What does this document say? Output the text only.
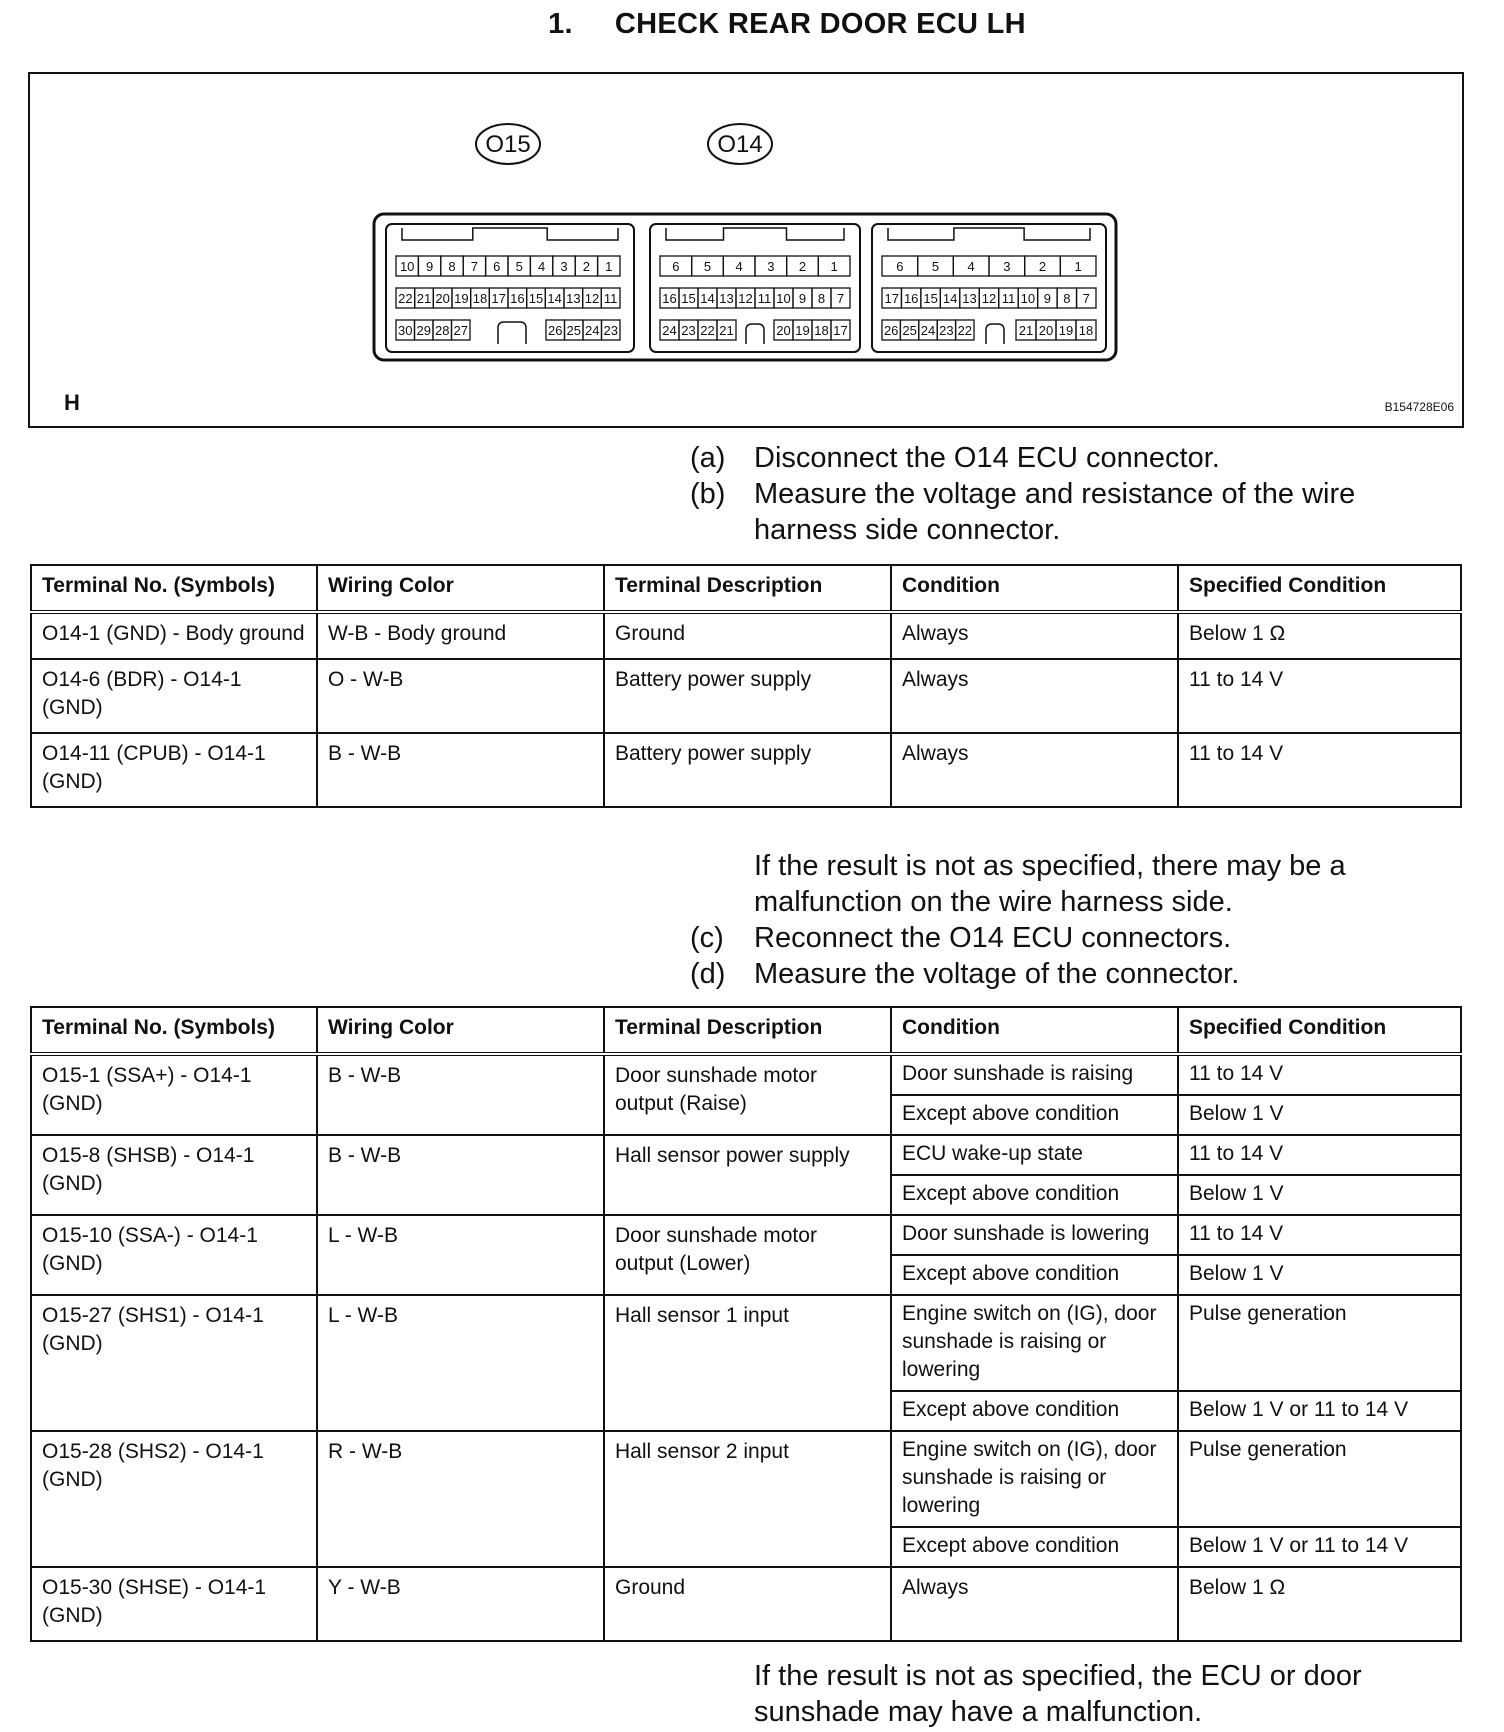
1. CHECK REAR DOOR ECU LH
O15	O14
10 9 8 7 6 5 4 3 2 1
22 21 20 19 18 17 16 15 14 13 12 11
30 29 28 27	26 25 24 23
6 5 4 3 2 1
16 15 14 13 12 11 10 9 8 7
24 23 22 21	20 19 18 17
6 5 4 3 2 1
17 16 15 14 13 12 11 10 9 8 7
26 25 24 23 22	21 20 19 18
H	B154728E06
(a) Disconnect the O14 ECU connector.
(b) Measure the voltage and resistance of the wire harness side connector.
Terminal No. (Symbols)	Wiring Color	Terminal Description	Condition	Specified Condition
O14-1 (GND) - Body ground	W-B - Body ground	Ground	Always	Below 1 Ω
O14-6 (BDR) - O14-1 (GND)	O - W-B	Battery power supply	Always	11 to 14 V
O14-11 (CPUB) - O14-1 (GND)	B - W-B	Battery power supply	Always	11 to 14 V
If the result is not as specified, there may be a malfunction on the wire harness side.
(c) Reconnect the O14 ECU connectors.
(d) Measure the voltage of the connector.
Terminal No. (Symbols)	Wiring Color	Terminal Description	Condition	Specified Condition
O15-1 (SSA+) - O14-1 (GND)	B - W-B	Door sunshade motor output (Raise)	Door sunshade is raising	11 to 14 V
			Except above condition	Below 1 V
O15-8 (SHSB) - O14-1 (GND)	B - W-B	Hall sensor power supply	ECU wake-up state	11 to 14 V
			Except above condition	Below 1 V
O15-10 (SSA-) - O14-1 (GND)	L - W-B	Door sunshade motor output (Lower)	Door sunshade is lowering	11 to 14 V
			Except above condition	Below 1 V
O15-27 (SHS1) - O14-1 (GND)	L - W-B	Hall sensor 1 input	Engine switch on (IG), door sunshade is raising or lowering	Pulse generation
			Except above condition	Below 1 V or 11 to 14 V
O15-28 (SHS2) - O14-1 (GND)	R - W-B	Hall sensor 2 input	Engine switch on (IG), door sunshade is raising or lowering	Pulse generation
			Except above condition	Below 1 V or 11 to 14 V
O15-30 (SHSE) - O14-1 (GND)	Y - W-B	Ground	Always	Below 1 Ω
If the result is not as specified, the ECU or door sunshade may have a malfunction.
